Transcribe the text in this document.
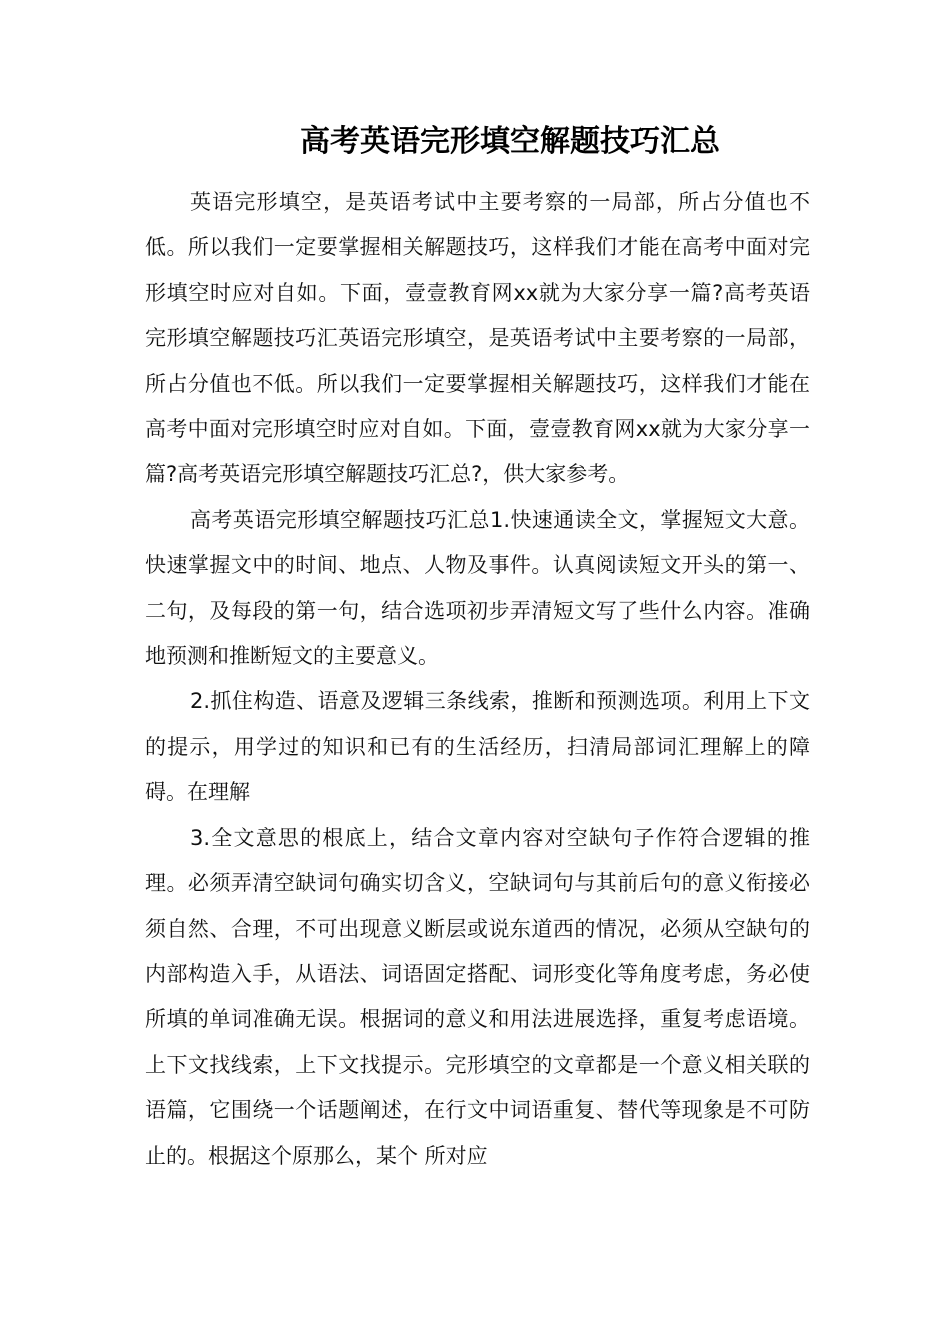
高考英语完形填空解题技巧汇总

英语完形填空，是英语考试中主要考察的一局部，所占分值也不低。所以我们一定要掌握相关解题技巧，这样我们才能在高考中面对完形填空时应对自如。下面，壹壹教育网xx就为大家分享一篇?高考英语完形填空解题技巧汇英语完形填空，是英语考试中主要考察的一局部，所占分值也不低。所以我们一定要掌握相关解题技巧，这样我们才能在高考中面对完形填空时应对自如。下面，壹壹教育网xx就为大家分享一篇?高考英语完形填空解题技巧汇总?，供大家参考。

高考英语完形填空解题技巧汇总1.快速通读全文，掌握短文大意。快速掌握文中的时间、地点、人物及事件。认真阅读短文开头的第一、二句，及每段的第一句，结合选项初步弄清短文写了些什么内容。准确地预测和推断短文的主要意义。

2.抓住构造、语意及逻辑三条线索，推断和预测选项。利用上下文的提示，用学过的知识和已有的生活经历，扫清局部词汇理解上的障碍。在理解

3.全文意思的根底上，结合文章内容对空缺句子作符合逻辑的推理。必须弄清空缺词句确实切含义，空缺词句与其前后句的意义衔接必须自然、合理，不可出现意义断层或说东道西的情况，必须从空缺句的内部构造入手，从语法、词语固定搭配、词形变化等角度考虑，务必使所填的单词准确无误。根据词的意义和用法进展选择，重复考虑语境。上下文找线索，上下文找提示。完形填空的文章都是一个意义相关联的语篇，它围绕一个话题阐述，在行文中词语重复、替代等现象是不可防止的。根据这个原那么，某个 所对应
